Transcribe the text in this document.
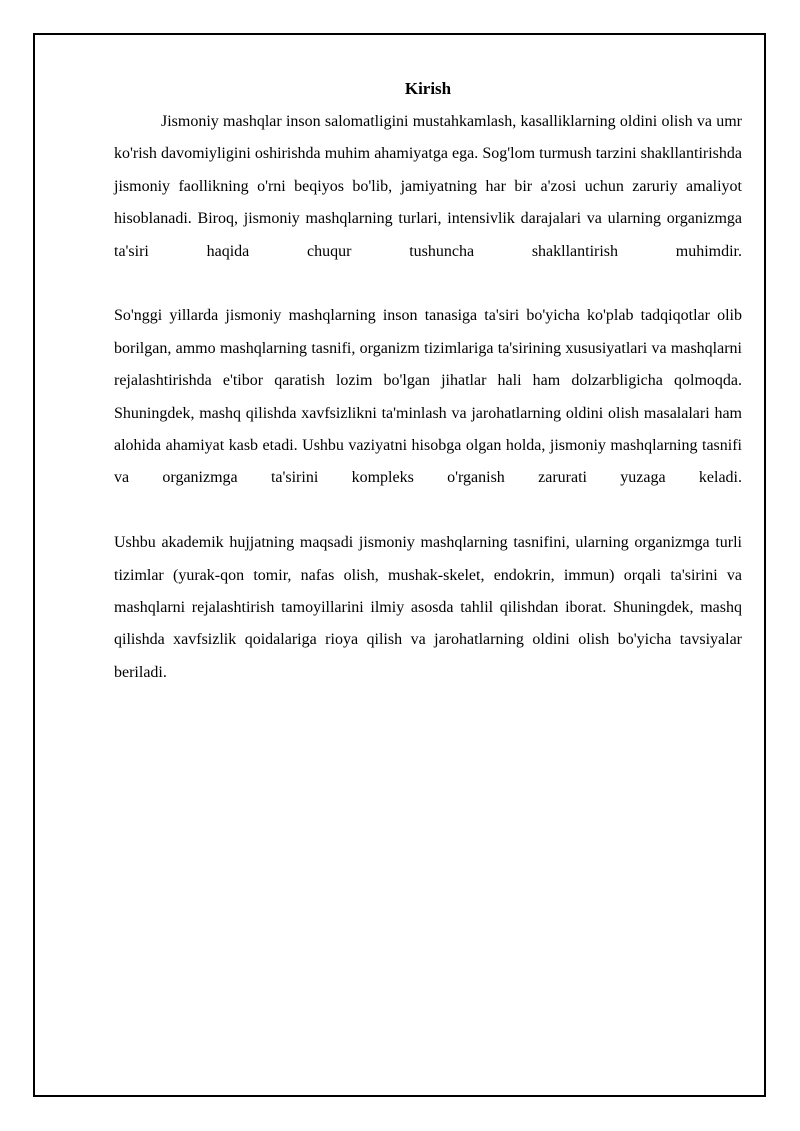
Kirish

Jismoniy mashqlar inson salomatligini mustahkamlash, kasalliklarning oldini olish va umr ko'rish davomiyligini oshirishda muhim ahamiyatga ega. Sog'lom turmush tarzini shakllantirishda jismoniy faollikning o'rni beqiyos bo'lib, jamiyatning har bir a'zosi uchun zaruriy amaliyot hisoblanadi. Biroq, jismoniy mashqlarning turlari, intensivlik darajalari va ularning organizmga ta'siri haqida chuqur tushuncha shakllantirish muhimdir.

So'nggi yillarda jismoniy mashqlarning inson tanasiga ta'siri bo'yicha ko'plab tadqiqotlar olib borilgan, ammo mashqlarning tasnifi, organizm tizimlariga ta'sirining xususiyatlari va mashqlarni rejalashtirishda e'tibor qaratish lozim bo'lgan jihatlar hali ham dolzarbligicha qolmoqda. Shuningdek, mashq qilishda xavfsizlikni ta'minlash va jarohatlarning oldini olish masalalari ham alohida ahamiyat kasb etadi. Ushbu vaziyatni hisobga olgan holda, jismoniy mashqlarning tasnifi va organizmga ta'sirini kompleks o'rganish zarurati yuzaga keladi.

Ushbu akademik hujjatning maqsadi jismoniy mashqlarning tasnifini, ularning organizmga turli tizimlar (yurak-qon tomir, nafas olish, mushak-skelet, endokrin, immun) orqali ta'sirini va mashqlarni rejalashtirish tamoyillarini ilmiy asosda tahlil qilishdan iborat. Shuningdek, mashq qilishda xavfsizlik qoidalariga rioya qilish va jarohatlarning oldini olish bo'yicha tavsiyalar beriladi.
